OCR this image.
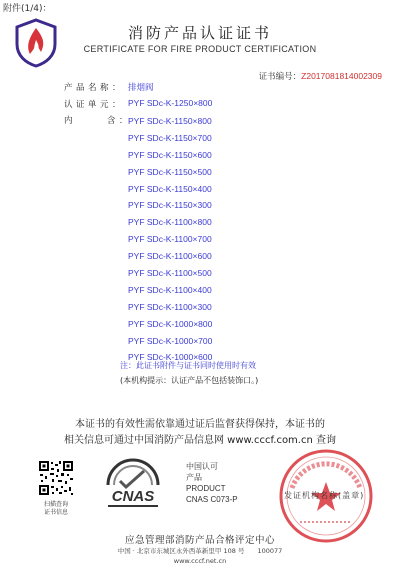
附件(1/4)：
消防产品认证证书
CERTIFICATE FOR FIRE PRODUCT CERTIFICATION
证书编号：Z2017081814002309
产品名称： 排烟阀
认证单元： PYF SDc-K-1250×800
内	含：
PYF SDc-K-1150×800
PYF SDc-K-1150×700
PYF SDc-K-1150×600
PYF SDc-K-1150×500
PYF SDc-K-1150×400
PYF SDc-K-1150×300
PYF SDc-K-1100×800
PYF SDc-K-1100×700
PYF SDc-K-1100×600
PYF SDc-K-1100×500
PYF SDc-K-1100×400
PYF SDc-K-1100×300
PYF SDc-K-1000×800
PYF SDc-K-1000×700
PYF SDc-K-1000×600
注：此证书附件与证书同时使用时有效
(本机构提示：认证产品不包括装饰口。)
本证书的有效性需依靠通过证后监督获得保持，本证书的
相关信息可通过中国消防产品信息网 www.cccf.com.cn 查询
扫描查询
证书信息
CNAS
中国认可
产品
PRODUCT
CNAS C073-P	发证机构名称(盖章)
应急管理部消防产品合格评定中心
中国 · 北京市东城区永外西革新里甲 108 号　　100077
www.cccf.net.cn
